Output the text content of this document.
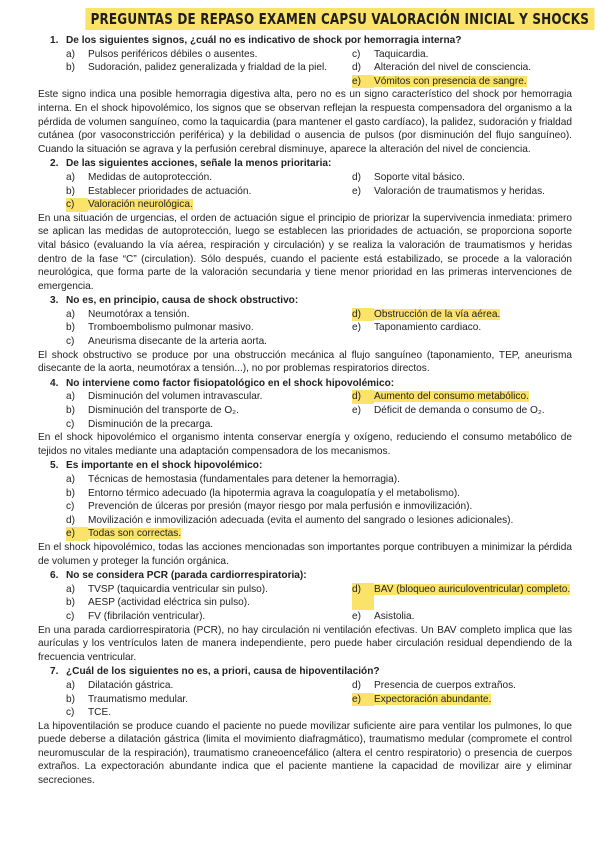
PREGUNTAS DE REPASO EXAMEN CAPSU VALORACIÓN INICIAL Y SHOCKS

1. De los siguientes signos, ¿cuál no es indicativo de shock por hemorragia interna?

a)	Pulsos periféricos débiles o ausentes.	c)	Taquicardia.
b)	Sudoración, palidez generalizada y frialdad de la piel.	d)	Alteración del nivel de consciencia.
e)	Vómitos con presencia de sangre.

Este signo indica una posible hemorragia digestiva alta, pero no es un signo característico del shock por hemorragia interna. En el shock hipovolémico, los signos que se observan reflejan la respuesta compensadora del organismo a la pérdida de volumen sanguíneo, como la taquicardia (para mantener el gasto cardíaco), la palidez, sudoración y frialdad cutánea (por vasoconstricción periférica) y la debilidad o ausencia de pulsos (por disminución del flujo sanguíneo). Cuando la situación se agrava y la perfusión cerebral disminuye, aparece la alteración del nivel de conciencia.

2. De las siguientes acciones, señale la menos prioritaria:

a)	Medidas de autoprotección.	d)	Soporte vital básico.
b)	Establecer prioridades de actuación.	e)	Valoración de traumatismos y heridas.
c)	Valoración neurológica.

En una situación de urgencias, el orden de actuación sigue el principio de priorizar la supervivencia inmediata: primero se aplican las medidas de autoprotección, luego se establecen las prioridades de actuación, se proporciona soporte vital básico (evaluando la vía aérea, respiración y circulación) y se realiza la valoración de traumatismos y heridas dentro de la fase “C” (circulation). Sólo después, cuando el paciente está estabilizado, se procede a la valoración neurológica, que forma parte de la valoración secundaria y tiene menor prioridad en las primeras intervenciones de emergencia.

3. No es, en principio, causa de shock obstructivo:

a)	Neumotórax a tensión.	d)	Obstrucción de la vía aérea.
b)	Tromboembolismo pulmonar masivo.	e)	Taponamiento cardiaco.
c)	Aneurisma disecante de la arteria aorta.

El shock obstructivo se produce por una obstrucción mecánica al flujo sanguíneo (taponamiento, TEP, aneurisma disecante de la aorta, neumotórax a tensión...), no por problemas respiratorios directos.

4. No interviene como factor fisiopatológico en el shock hipovolémico:

a)	Disminución del volumen intravascular.	d)	Aumento del consumo metabólico.
b)	Disminución del transporte de O₂.	e)	Déficit de demanda o consumo de O₂.
c)	Disminución de la precarga.

En el shock hipovolémico el organismo intenta conservar energía y oxígeno, reduciendo el consumo metabólico de tejidos no vitales mediante una adaptación compensadora de los mecanismos.

5. Es importante en el shock hipovolémico:

a)	Técnicas de hemostasia (fundamentales para detener la hemorragia).
b)	Entorno térmico adecuado (la hipotermia agrava la coagulopatía y el metabolismo).
c)	Prevención de úlceras por presión (mayor riesgo por mala perfusión e inmovilización).
d)	Movilización e inmovilización adecuada (evita el aumento del sangrado o lesiones adicionales).
e)	Todas son correctas.

En el shock hipovolémico, todas las acciones mencionadas son importantes porque contribuyen a minimizar la pérdida de volumen y proteger la función orgánica.

6. No se considera PCR (parada cardiorrespiratoria):

a)	TVSP (taquicardia ventricular sin pulso).	d)	BAV (bloqueo auriculoventricular) completo.
b)	AESP (actividad eléctrica sin pulso).
c)	FV (fibrilación ventricular).	e)	Asistolia.

En una parada cardiorrespiratoria (PCR), no hay circulación ni ventilación efectivas. Un BAV completo implica que las aurículas y los ventrículos laten de manera independiente, pero puede haber circulación residual dependiendo de la frecuencia ventricular.

7. ¿Cuál de los siguientes no es, a priori, causa de hipoventilación?

a)	Dilatación gástrica.	d)	Presencia de cuerpos extraños.
b)	Traumatismo medular.	e)	Expectoración abundante.
c)	TCE.

La hipoventilación se produce cuando el paciente no puede movilizar suficiente aire para ventilar los pulmones, lo que puede deberse a dilatación gástrica (limita el movimiento diafragmático), traumatismo medular (compromete el control neuromuscular de la respiración), traumatismo craneoencefálico (altera el centro respiratorio) o presencia de cuerpos extraños. La expectoración abundante indica que el paciente mantiene la capacidad de movilizar aire y eliminar secreciones.
